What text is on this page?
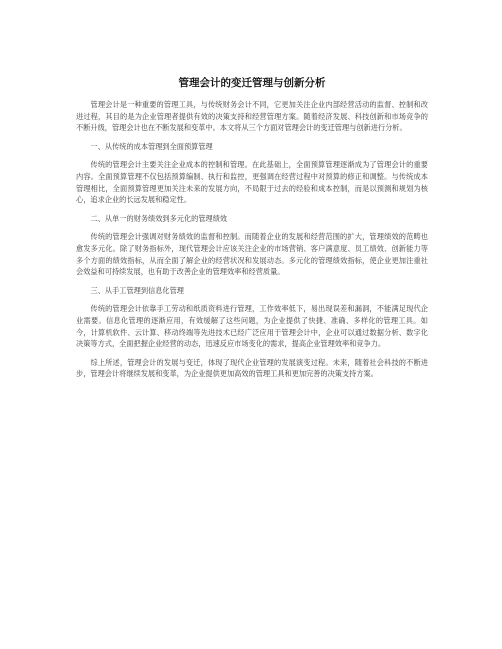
管理会计的变迁管理与创新分析

管理会计是一种重要的管理工具，与传统财务会计不同，它更加关注企业内部经营活动的监督、控制和改进过程，其目的是为企业管理者提供有效的决策支持和经营管理方案。随着经济发展、科技创新和市场竞争的不断升级，管理会计也在不断发展和变革中。本文将从三个方面对管理会计的变迁管理与创新进行分析。

一、从传统的成本管理到全面预算管理

传统的管理会计主要关注企业成本的控制和管理。在此基础上，全面预算管理逐渐成为了管理会计的重要内容。全面预算管理不仅包括预算编制、执行和监控，更强调在经营过程中对预算的修正和调整。与传统成本管理相比，全面预算管理更加关注未来的发展方向，不局限于过去的经验和成本控制，而是以预测和规划为核心，追求企业的长远发展和稳定性。

二、从单一的财务绩效到多元化的管理绩效

传统的管理会计强调对财务绩效的监督和控制。而随着企业的发展和经营范围的扩大，管理绩效的范畴也愈发多元化。除了财务指标外，现代管理会计应该关注企业的市场营销、客户满意度、员工绩效、创新能力等多个方面的绩效指标，从而全面了解企业的经营状况和发展动态。多元化的管理绩效指标，使企业更加注重社会效益和可持续发展，也有助于改善企业的管理效率和经营质量。

三、从手工管理到信息化管理

传统的管理会计依靠手工劳动和纸质资料进行管理，工作效率低下，易出现误差和漏洞，不能满足现代企业需要。信息化管理的逐渐应用，有效缓解了这些问题，为企业提供了快捷、准确、多样化的管理工具。如今，计算机软件、云计算、移动终端等先进技术已经广泛应用于管理会计中，企业可以通过数据分析、数字化决策等方式，全面把握企业经营的动态，迅速反应市场变化的需求，提高企业管理效率和竞争力。

综上所述，管理会计的发展与变迁，体现了现代企业管理的发展演变过程。未来，随着社会科技的不断进步，管理会计将继续发展和变革，为企业提供更加高效的管理工具和更加完善的决策支持方案。
